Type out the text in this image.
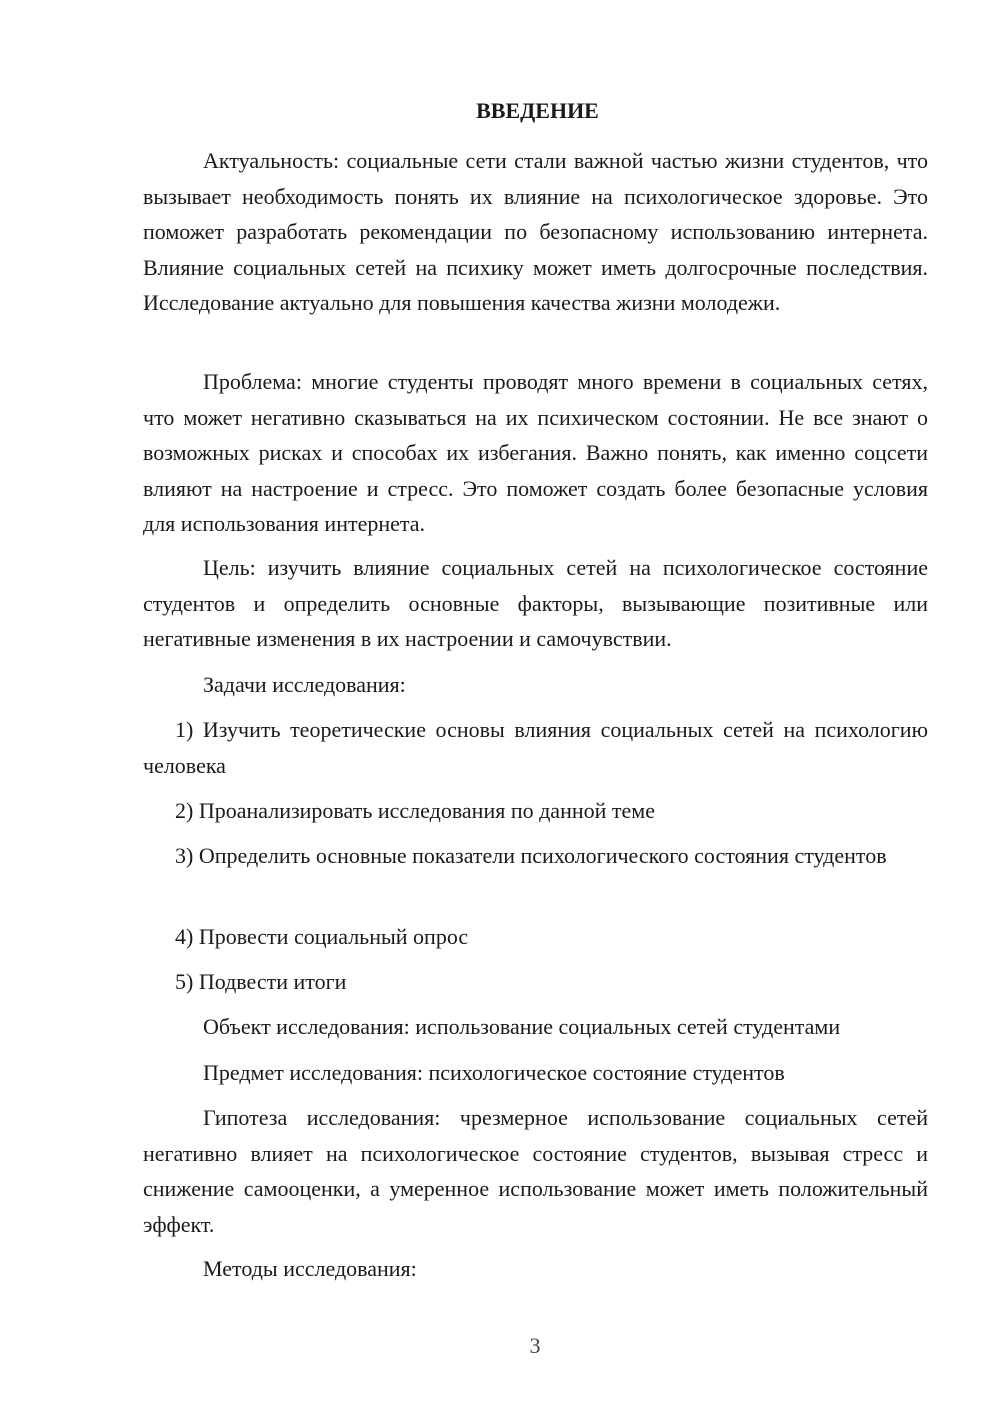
ВВЕДЕНИЕ

Актуальность: социальные сети стали важной частью жизни студентов, что вызывает необходимость понять их влияние на психологическое здоровье. Это поможет разработать рекомендации по безопасному использованию интернета. Влияние социальных сетей на психику может иметь долгосрочные последствия. Исследование актуально для повышения качества жизни молодежи.

Проблема: многие студенты проводят много времени в социальных сетях, что может негативно сказываться на их психическом состоянии. Не все знают о возможных рисках и способах их избегания. Важно понять, как именно соцсети влияют на настроение и стресс. Это поможет создать более безопасные условия для использования интернета.

Цель: изучить влияние социальных сетей на психологическое состояние студентов и определить основные факторы, вызывающие позитивные или негативные изменения в их настроении и самочувствии.

Задачи исследования:

1) Изучить теоретические основы влияния социальных сетей на психологию человека

2) Проанализировать исследования по данной теме

3) Определить основные показатели психологического состояния студентов

4) Провести социальный опрос

5) Подвести итоги

Объект исследования: использование социальных сетей студентами

Предмет исследования: психологическое состояние студентов

Гипотеза исследования: чрезмерное использование социальных сетей негативно влияет на психологическое состояние студентов, вызывая стресс и снижение самооценки, а умеренное использование может иметь положительный эффект.

Методы исследования:

3
